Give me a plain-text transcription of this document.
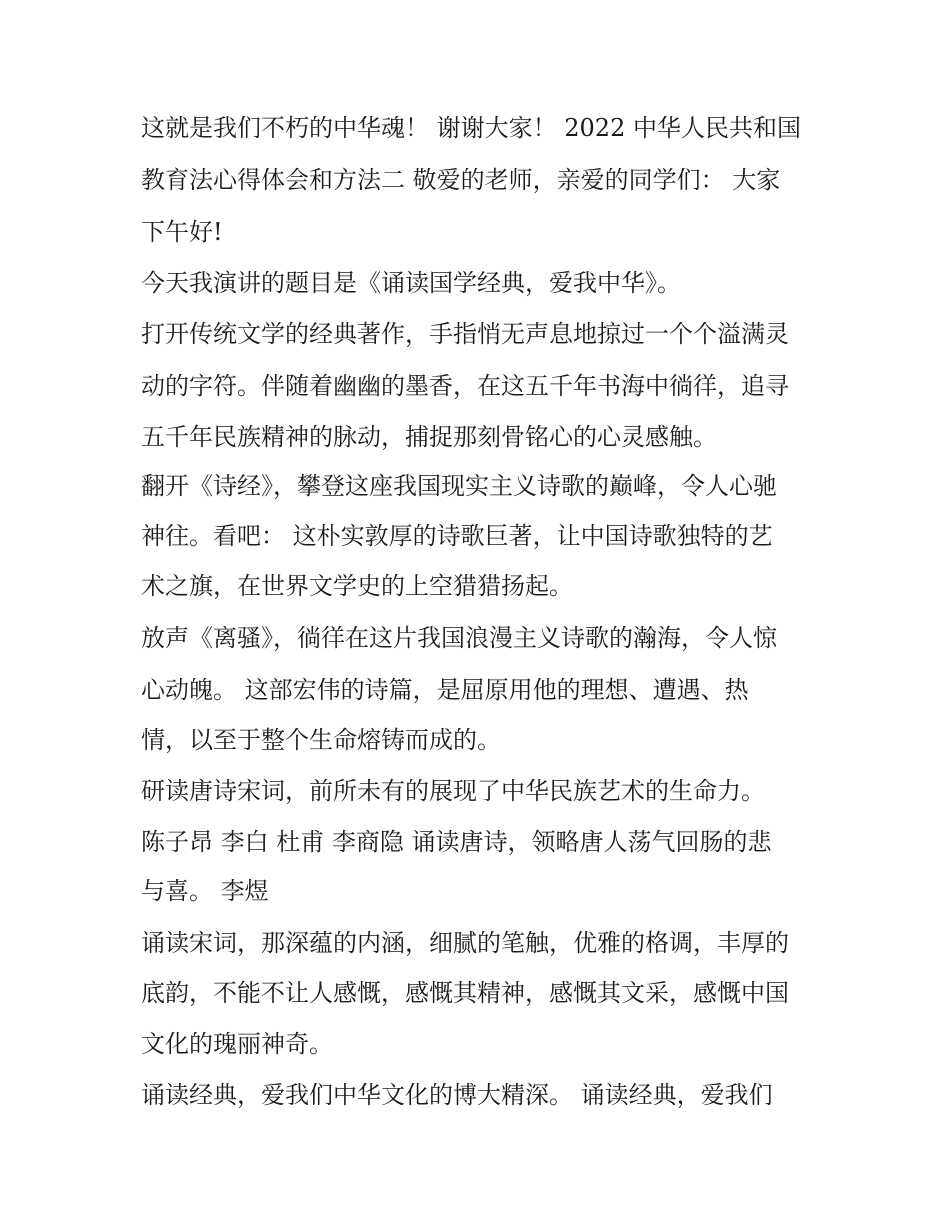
这就是我们不朽的中华魂！ 谢谢大家！ 2022 中华人民共和国
教育法心得体会和方法二 敬爱的老师，亲爱的同学们： 大家
下午好!
今天我演讲的题目是《诵读国学经典，爱我中华》。
打开传统文学的经典著作，手指悄无声息地掠过一个个溢满灵
动的字符。伴随着幽幽的墨香，在这五千年书海中徜徉，追寻
五千年民族精神的脉动，捕捉那刻骨铭心的心灵感触。
翻开《诗经》，攀登这座我国现实主义诗歌的巅峰，令人心驰
神往。看吧： 这朴实敦厚的诗歌巨著，让中国诗歌独特的艺
术之旗，在世界文学史的上空猎猎扬起。
放声《离骚》，徜徉在这片我国浪漫主义诗歌的瀚海，令人惊
心动魄。 这部宏伟的诗篇，是屈原用他的理想、遭遇、热
情，以至于整个生命熔铸而成的。
研读唐诗宋词，前所未有的展现了中华民族艺术的生命力。
陈子昂 李白 杜甫 李商隐 诵读唐诗，领略唐人荡气回肠的悲
与喜。 李煜
诵读宋词，那深蕴的内涵，细腻的笔触，优雅的格调，丰厚的
底韵，不能不让人感慨，感慨其精神，感慨其文采，感慨中国
文化的瑰丽神奇。
诵读经典，爱我们中华文化的博大精深。 诵读经典，爱我们
